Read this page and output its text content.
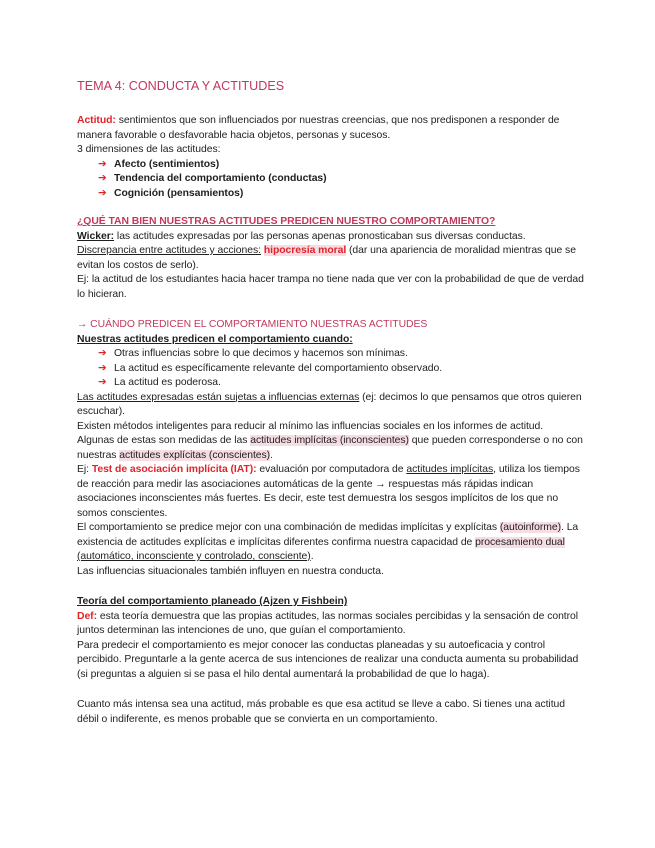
TEMA 4: CONDUCTA Y ACTITUDES

Actitud: sentimientos que son influenciados por nuestras creencias, que nos predisponen a responder de manera favorable o desfavorable hacia objetos, personas y sucesos.

3 dimensiones de las actitudes:

➔ Afecto (sentimientos)
➔ Tendencia del comportamiento (conductas)
➔ Cognición (pensamientos)

¿QUÉ TAN BIEN NUESTRAS ACTITUDES PREDICEN NUESTRO COMPORTAMIENTO?

Wicker: las actitudes expresadas por las personas apenas pronosticaban sus diversas conductas.

Discrepancia entre actitudes y acciones: hipocresía moral (dar una apariencia de moralidad mientras que se evitan los costos de serlo).

Ej: la actitud de los estudiantes hacia hacer trampa no tiene nada que ver con la probabilidad de que de verdad lo hicieran.

→ CUÁNDO PREDICEN EL COMPORTAMIENTO NUESTRAS ACTITUDES

Nuestras actitudes predicen el comportamiento cuando:

➔ Otras influencias sobre lo que decimos y hacemos son mínimas.
➔ La actitud es específicamente relevante del comportamiento observado.
➔ La actitud es poderosa.

Las actitudes expresadas están sujetas a influencias externas (ej: decimos lo que pensamos que otros quieren escuchar).

Existen métodos inteligentes para reducir al mínimo las influencias sociales en los informes de actitud.

Algunas de estas son medidas de las actitudes implícitas (inconscientes) que pueden corresponderse o no con nuestras actitudes explícitas (conscientes).

Ej: Test de asociación implícita (IAT): evaluación por computadora de actitudes implícitas, utiliza los tiempos de reacción para medir las asociaciones automáticas de la gente → respuestas más rápidas indican asociaciones inconscientes más fuertes. Es decir, este test demuestra los sesgos implícitos de los que no somos conscientes.

El comportamiento se predice mejor con una combinación de medidas implícitas y explícitas (autoinforme). La existencia de actitudes explícitas e implícitas diferentes confirma nuestra capacidad de procesamiento dual (automático, inconsciente y controlado, consciente).

Las influencias situacionales también influyen en nuestra conducta.

Teoría del comportamiento planeado (Ajzen y Fishbein)

Def: esta teoría demuestra que las propias actitudes, las normas sociales percibidas y la sensación de control juntos determinan las intenciones de uno, que guían el comportamiento.

Para predecir el comportamiento es mejor conocer las conductas planeadas y su autoeficacia y control percibido. Preguntarle a la gente acerca de sus intenciones de realizar una conducta aumenta su probabilidad (si preguntas a alguien si se pasa el hilo dental aumentará la probabilidad de que lo haga).

Cuanto más intensa sea una actitud, más probable es que esa actitud se lleve a cabo. Si tienes una actitud débil o indiferente, es menos probable que se convierta en un comportamiento.
